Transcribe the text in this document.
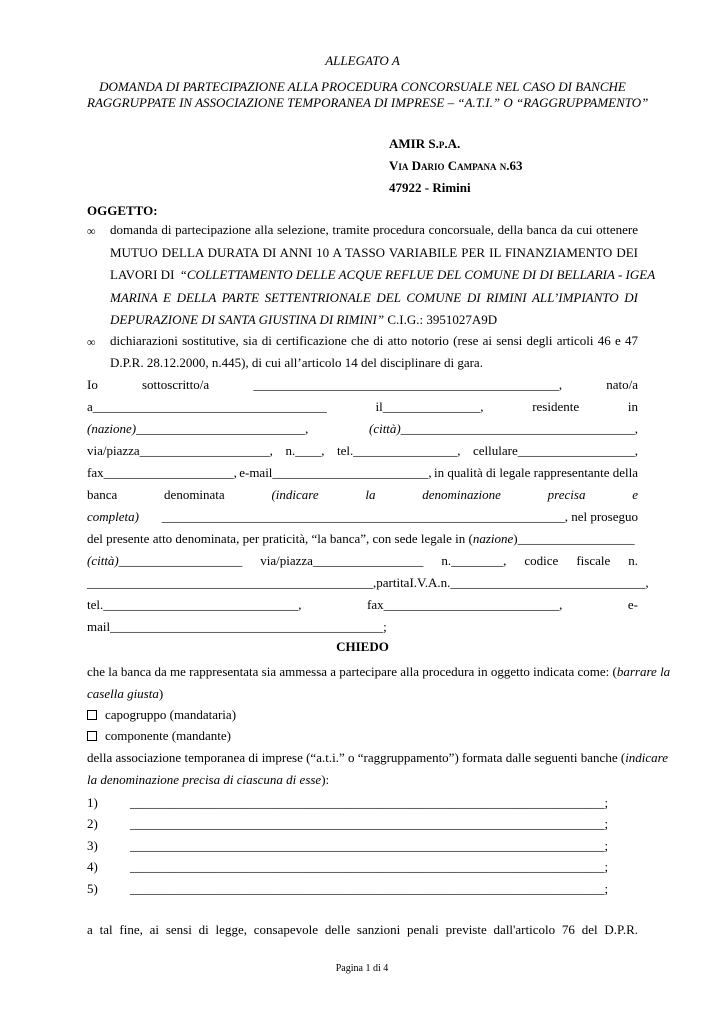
ALLEGATO A
DOMANDA DI PARTECIPAZIONE ALLA PROCEDURA CONCORSUALE NEL CASO DI BANCHE
RAGGRUPPATE IN ASSOCIAZIONE TEMPORANEA DI IMPRESE – “A.T.I.” O “RAGGRUPPAMENTO”
AMIR S.p.A.
Via Dario Campana n.63
47922 - Rimini
OGGETTO:
∞ domanda di partecipazione alla selezione, tramite procedura concorsuale, della banca da cui ottenere
MUTUO DELLA DURATA DI ANNI 10 A TASSO VARIABILE PER IL FINANZIAMENTO DEI
LAVORI DI “COLLETTAMENTO DELLE ACQUE REFLUE DEL COMUNE DI DI BELLARIA - IGEA
MARINA E DELLA PARTE SETTENTRIONALE DEL COMUNE DI RIMINI ALL’IMPIANTO DI
DEPURAZIONE DI SANTA GIUSTINA DI RIMINI” C.I.G.: 3951027A9D
∞ dichiarazioni sostitutive, sia di certificazione che di atto notorio (rese ai sensi degli articoli 46 e 47
D.P.R. 28.12.2000, n.445), di cui all’articolo 14 del disciplinare di gara.
Io	sottoscritto/a	_______________________________________________,	nato/a
a____________________________________	il_______________,	residente	in
(nazione)__________________________,	(città)____________________________________,
via/piazza____________________, n.____, tel.________________, cellulare__________________,
fax____________________, e-mail________________________, in qualità di legale rappresentante della
banca	denominata	(indicare	la	denominazione	precisa	e
completa) ______________________________________________________________, nel proseguo
del presente atto denominata, per praticità, “la banca”, con sede legale in (nazione)__________________
(città)___________________ via/piazza_________________ n.________, codice fiscale n.
____________________________________________, partita I.V.A. n.______________________________,
tel.______________________________,	fax___________________________,	e-
mail__________________________________________;
CHIEDO
che la banca da me rappresentata sia ammessa a partecipare alla procedura in oggetto indicata come: (barrare la
casella giusta)
capogruppo (mandataria)
componente (mandante)
della associazione temporanea di imprese (“a.t.i.” o “raggruppamento”) formata dalle seguenti banche (indicare
la denominazione precisa di ciascuna di esse):
1) _________________________________________________________________________;
2) _________________________________________________________________________;
3) _________________________________________________________________________;
4) _________________________________________________________________________;
5) _________________________________________________________________________;
a tal fine, ai sensi di legge, consapevole delle sanzioni penali previste dall'articolo 76 del D.P.R.
Pagina 1 di 4
